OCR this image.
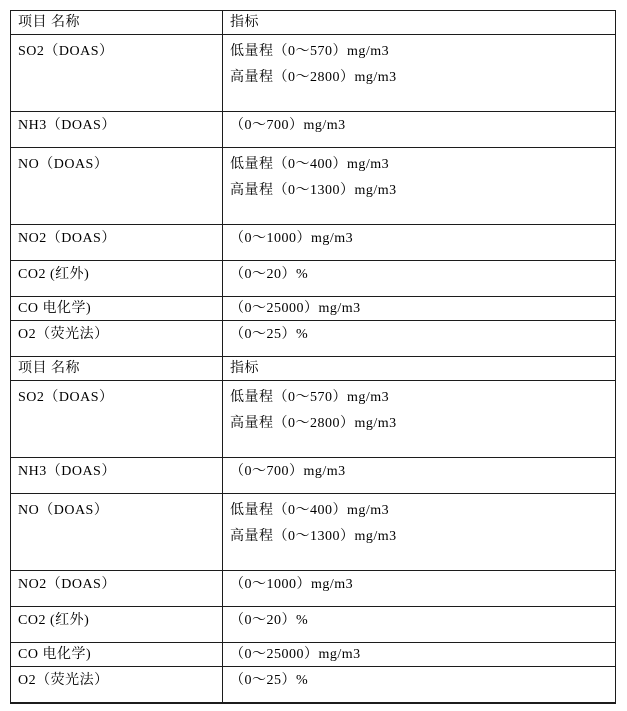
项目 名称	指标
SO2（DOAS）	低量程（0～570）mg/m3
高量程（0～2800）mg/m3

NH3（DOAS）	（0～700）mg/m3

NO（DOAS）	低量程（0～400）mg/m3
高量程（0～1300）mg/m3

NO2（DOAS）	（0～1000）mg/m3

CO2 (红外)	（0～20）%

CO 电化学)	（0～25000）mg/m3

O2（荧光法）	（0～25）%

项目 名称	指标
SO2（DOAS）	低量程（0～570）mg/m3
高量程（0～2800）mg/m3

NH3（DOAS）	（0～700）mg/m3

NO（DOAS）	低量程（0～400）mg/m3
高量程（0～1300）mg/m3

NO2（DOAS）	（0～1000）mg/m3

CO2 (红外)	（0～20）%

CO 电化学)	（0～25000）mg/m3

O2（荧光法）	（0～25）%
